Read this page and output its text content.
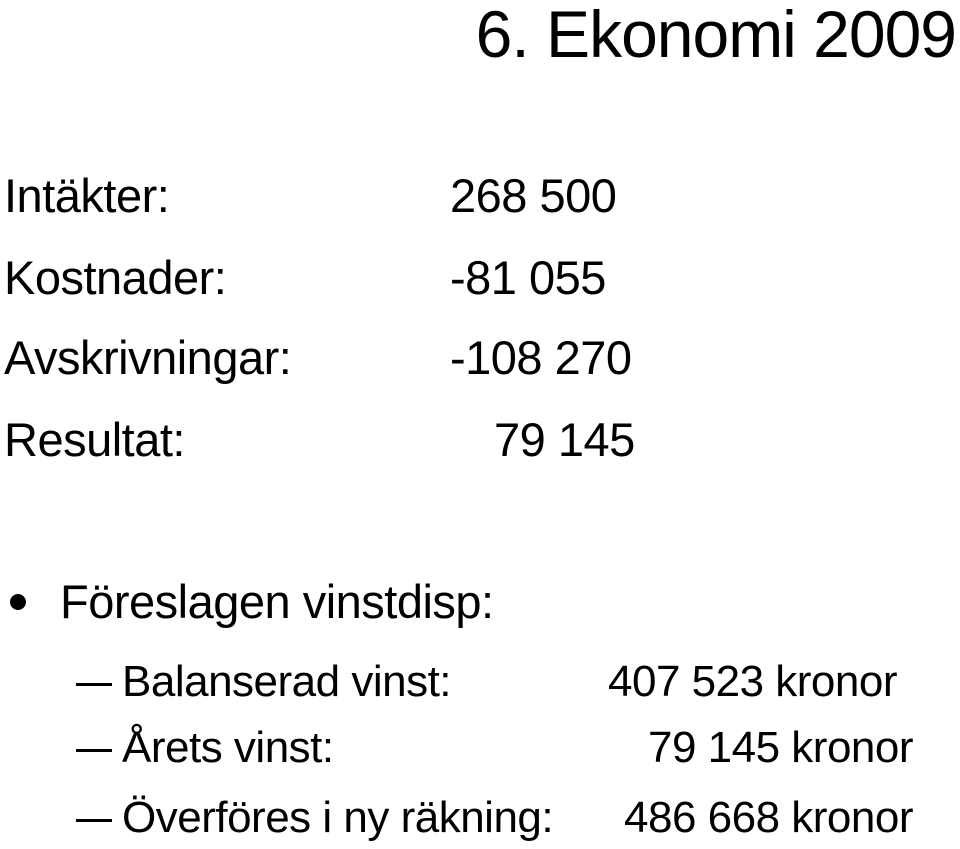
6. Ekonomi 2009
Intäkter:	268 500
Kostnader:	-81 055
Avskrivningar:	-108 270
Resultat:	79 145
Föreslagen vinstdisp:
Balanserad vinst:	407 523 kronor
Årets vinst:	79 145 kronor
Överföres i ny räkning: 486 668 kronor
